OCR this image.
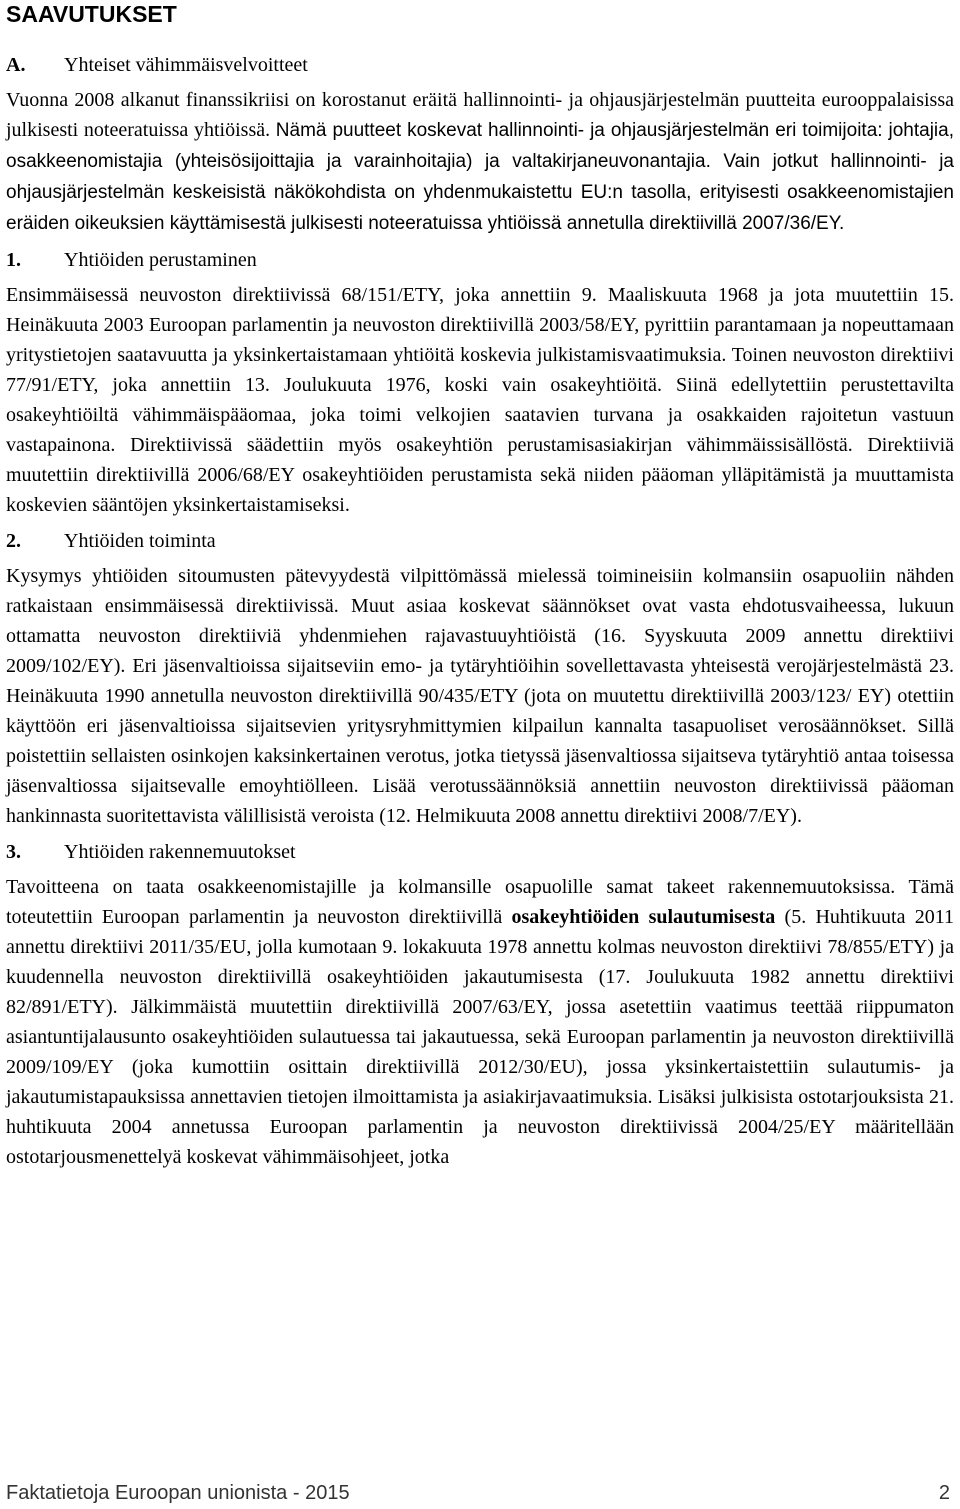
SAAVUTUKSET
A. Yhteiset vähimmäisvelvoitteet

Vuonna 2008 alkanut finanssikriisi on korostanut eräitä hallinnointi- ja ohjausjärjestelmän puutteita eurooppalaisissa julkisesti noteeratuissa yhtiöissä. Nämä puutteet koskevat hallinnointi- ja ohjausjärjestelmän eri toimijoita: johtajia, osakkeenomistajia (yhteisösijoittajia ja varainhoitajia) ja valtakirjaneuvonantajia. Vain jotkut hallinnointi- ja ohjausjärjestelmän keskeisistä näkökohdista on yhdenmukaistettu EU:n tasolla, erityisesti osakkeenomistajien eräiden oikeuksien käyttämisestä julkisesti noteeratuissa yhtiöissä annetulla direktiivillä 2007/36/EY.

1. Yhtiöiden perustaminen

Ensimmäisessä neuvoston direktiivissä 68/151/ETY, joka annettiin 9. Maaliskuuta 1968 ja jota muutettiin 15. Heinäkuuta 2003 Euroopan parlamentin ja neuvoston direktiivillä 2003/58/EY, pyrittiin parantamaan ja nopeuttamaan yritystietojen saatavuutta ja yksinkertaistamaan yhtiöitä koskevia julkistamisvaatimuksia. Toinen neuvoston direktiivi 77/91/ETY, joka annettiin 13. Joulukuuta 1976, koski vain osakeyhtiöitä. Siinä edellytettiin perustettavilta osakeyhtiöiltä vähimmäispääomaa, joka toimi velkojien saatavien turvana ja osakkaiden rajoitetun vastuun vastapainona. Direktiivissä säädettiin myös osakeyhtiön perustamisasiakirjan vähimmäissisällöstä. Direktiiviä muutettiin direktiivillä 2006/68/EY osakeyhtiöiden perustamista sekä niiden pääoman ylläpitämistä ja muuttamista koskevien sääntöjen yksinkertaistamiseksi.

2. Yhtiöiden toiminta

Kysymys yhtiöiden sitoumusten pätevyydestä vilpittömässä mielessä toimineisiin kolmansiin osapuoliin nähden ratkaistaan ensimmäisessä direktiivissä. Muut asiaa koskevat säännökset ovat vasta ehdotusvaiheessa, lukuun ottamatta neuvoston direktiiviä yhdenmiehen rajavastuuyhtiöistä (16. Syyskuuta 2009 annettu direktiivi 2009/102/EY). Eri jäsenvaltioissa sijaitseviin emo- ja tytäryhtiöihin sovellettavasta yhteisestä verojärjestelmästä 23. Heinäkuuta 1990 annetulla neuvoston direktiivillä 90/435/ETY (jota on muutettu direktiivillä 2003/123/ EY) otettiin käyttöön eri jäsenvaltioissa sijaitsevien yritysryhmittymien kilpailun kannalta tasapuoliset verosäännökset. Sillä poistettiin sellaisten osinkojen kaksinkertainen verotus, jotka tietyssä jäsenvaltiossa sijaitseva tytäryhtiö antaa toisessa jäsenvaltiossa sijaitsevalle emoyhtiölleen. Lisää verotussäännöksiä annettiin neuvoston direktiivissä pääoman hankinnasta suoritettavista välillisistä veroista (12. Helmikuuta 2008 annettu direktiivi 2008/7/EY).

3. Yhtiöiden rakennemuutokset

Tavoitteena on taata osakkeenomistajille ja kolmansille osapuolille samat takeet rakennemuutoksissa. Tämä toteutettiin Euroopan parlamentin ja neuvoston direktiivillä osakeyhtiöiden sulautumisesta (5. Huhtikuuta 2011 annettu direktiivi 2011/35/EU, jolla kumotaan 9. lokakuuta 1978 annettu kolmas neuvoston direktiivi 78/855/ETY) ja kuudennella neuvoston direktiivillä osakeyhtiöiden jakautumisesta (17. Joulukuuta 1982 annettu direktiivi 82/891/ETY). Jälkimmäistä muutettiin direktiivillä 2007/63/EY, jossa asetettiin vaatimus teettää riippumaton asiantuntijalausunto osakeyhtiöiden sulautuessa tai jakautuessa, sekä Euroopan parlamentin ja neuvoston direktiivillä 2009/109/EY (joka kumottiin osittain direktiivillä 2012/30/EU), jossa yksinkertaistettiin sulautumis- ja jakautumistapauksissa annettavien tietojen ilmoittamista ja asiakirjavaatimuksia. Lisäksi julkisista ostotarjouksista 21. huhtikuuta 2004 annetussa Euroopan parlamentin ja neuvoston direktiivissä 2004/25/EY määritellään ostotarjousmenettelyä koskevat vähimmäisohjeet, jotka

Faktatietoja Euroopan unionista - 2015	2
